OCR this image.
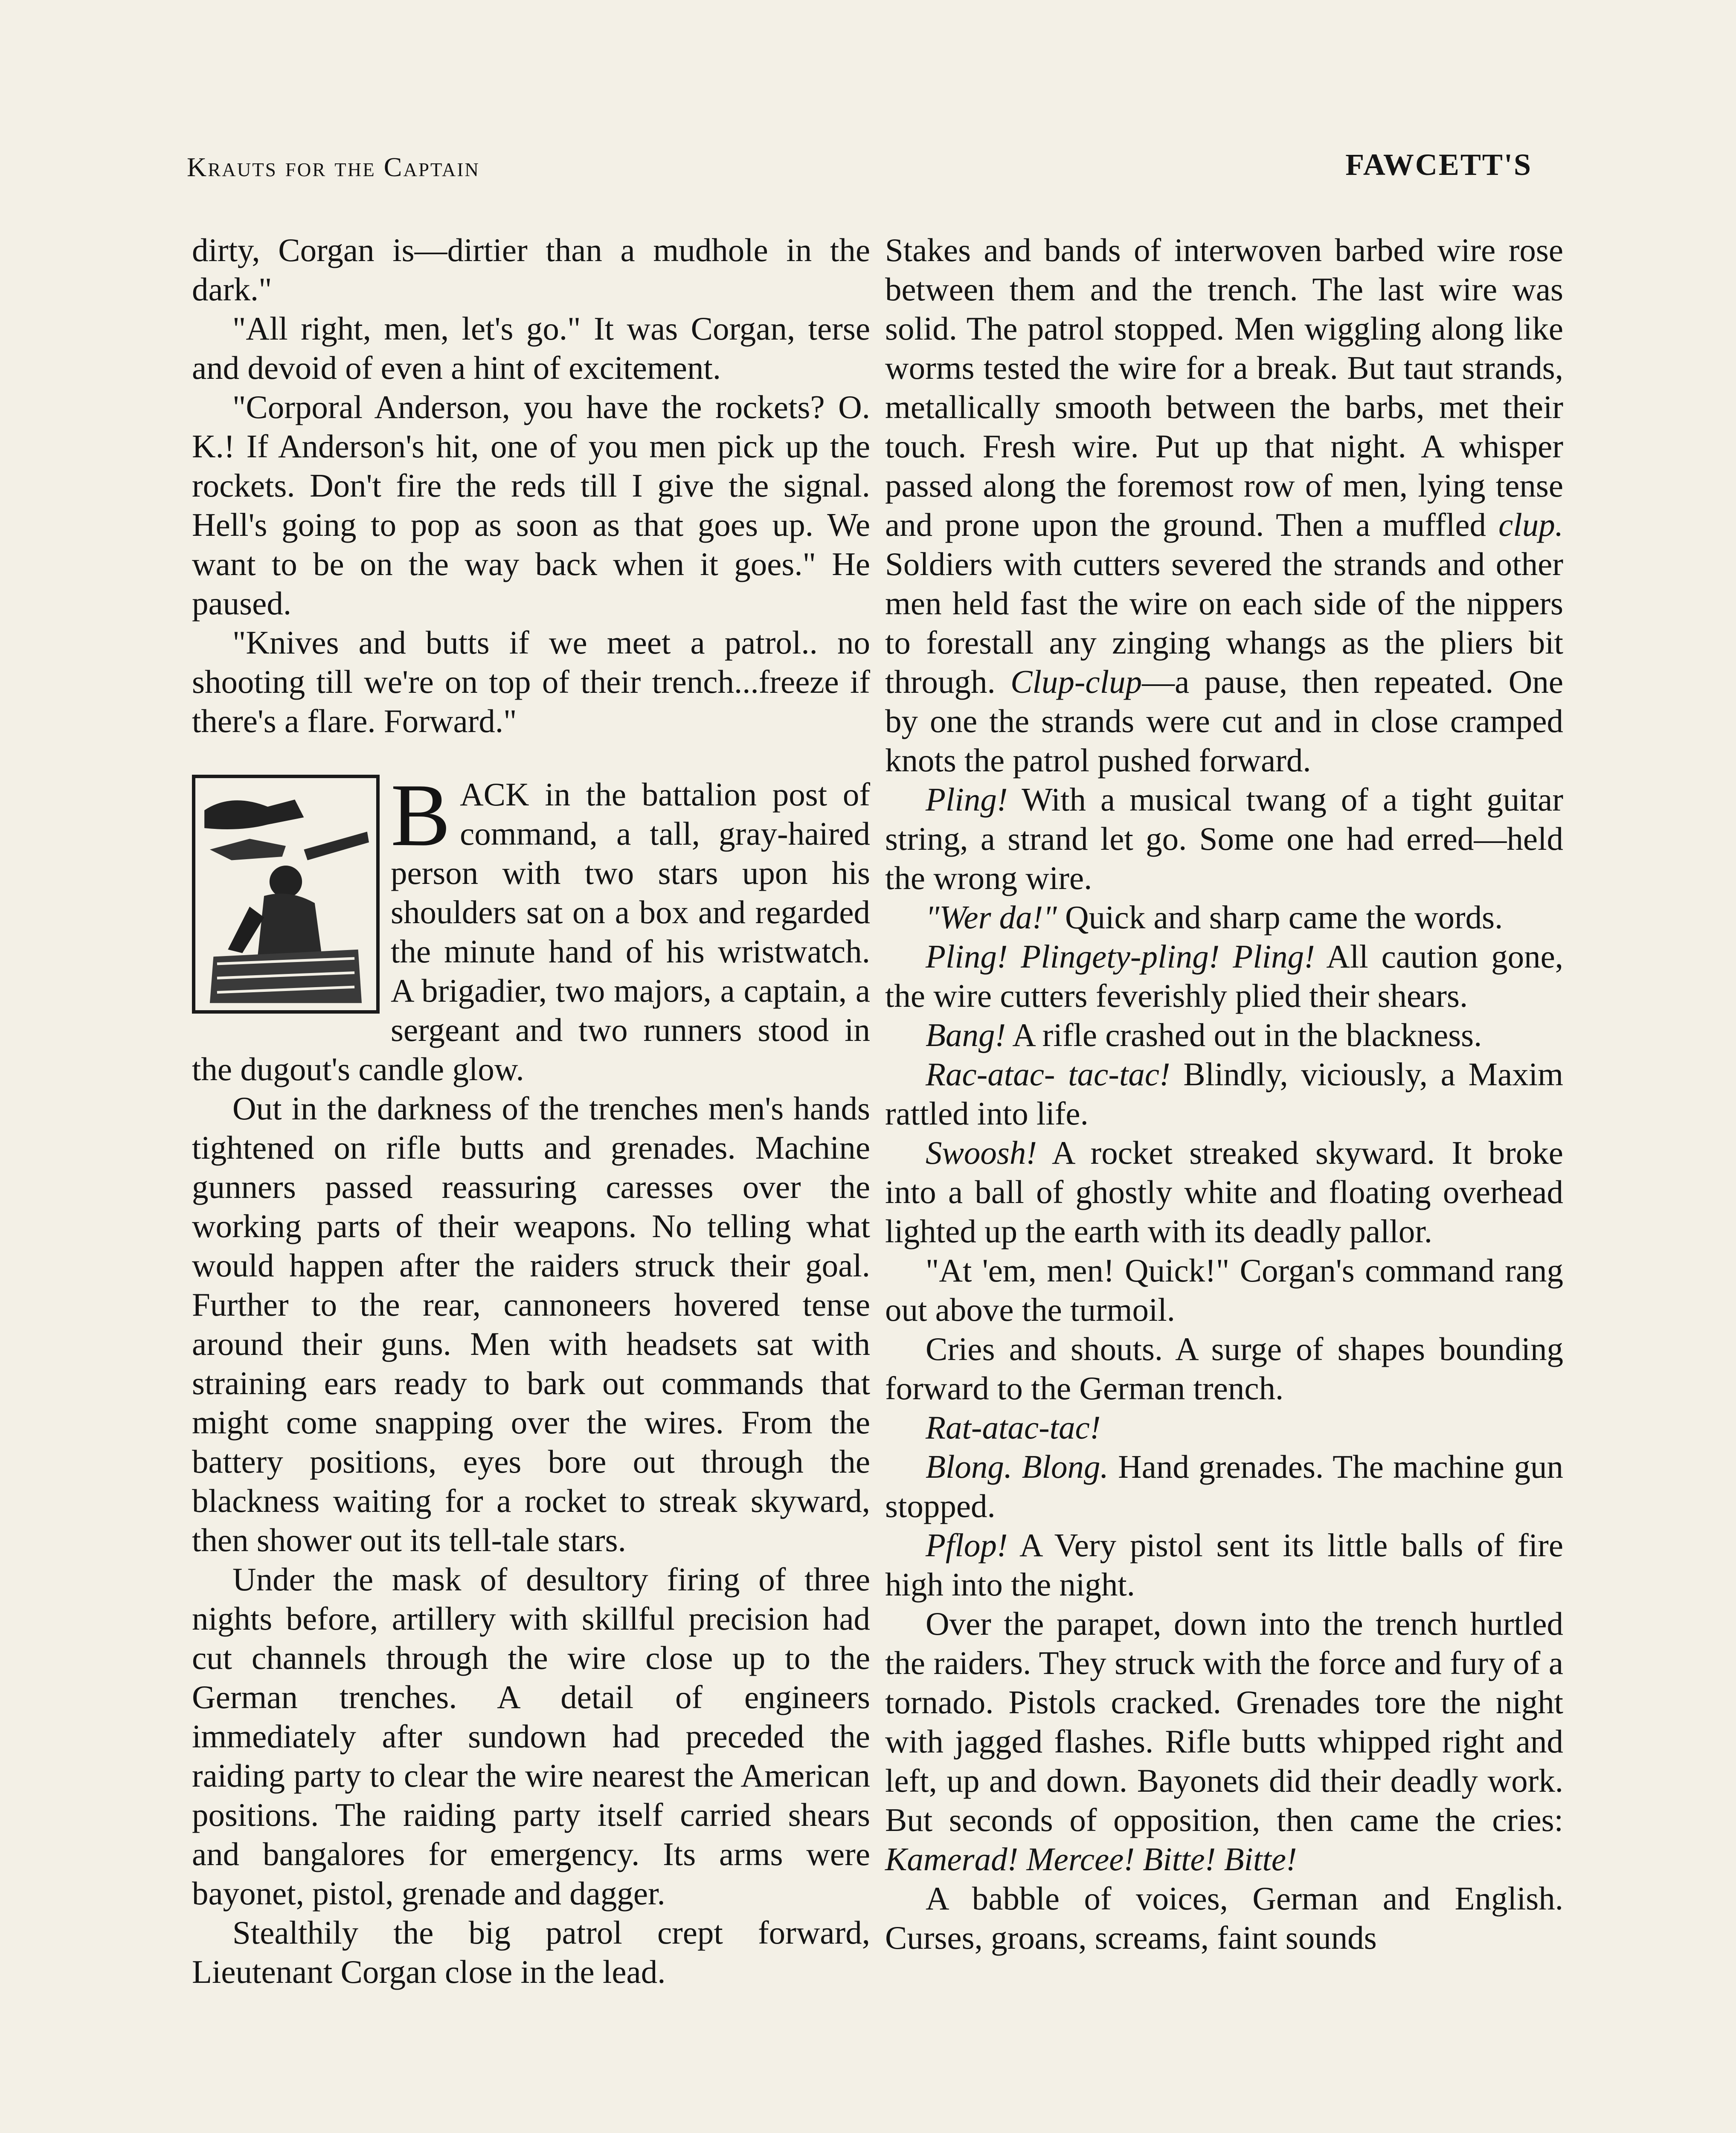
Krauts for the Captain	FAWCETT'S

dirty, Corgan is—dirtier than a mudhole in the dark."

"All right, men, let's go." It was Corgan, terse and devoid of even a hint of excitement.

"Corporal Anderson, you have the rockets? O. K.! If Anderson's hit, one of you men pick up the rockets. Don't fire the reds till I give the signal. Hell's going to pop as soon as that goes up. We want to be on the way back when it goes." He paused.

"Knives and butts if we meet a patrol.. no shooting till we're on top of their trench...freeze if there's a flare. Forward."

BACK in the battalion post of command, a tall, gray-haired person with two stars upon his shoulders sat on a box and regarded the minute hand of his wristwatch. A brigadier, two majors, a captain, a sergeant and two runners stood in the dugout's candle glow.

Out in the darkness of the trenches men's hands tightened on rifle butts and grenades. Machine gunners passed reassuring caresses over the working parts of their weapons. No telling what would happen after the raiders struck their goal. Further to the rear, cannoneers hovered tense around their guns. Men with headsets sat with straining ears ready to bark out commands that might come snapping over the wires. From the battery positions, eyes bore out through the blackness waiting for a rocket to streak skyward, then shower out its tell-tale stars.

Under the mask of desultory firing of three nights before, artillery with skillful precision had cut channels through the wire close up to the German trenches. A detail of engineers immediately after sundown had preceded the raiding party to clear the wire nearest the American positions. The raiding party itself carried shears and bangalores for emergency. Its arms were bayonet, pistol, grenade and dagger.

Stealthily the big patrol crept forward, Lieutenant Corgan close in the lead.

Stakes and bands of interwoven barbed wire rose between them and the trench. The last wire was solid. The patrol stopped. Men wiggling along like worms tested the wire for a break. But taut strands, metallically smooth between the barbs, met their touch. Fresh wire. Put up that night. A whisper passed along the foremost row of men, lying tense and prone upon the ground. Then a muffled clup. Soldiers with cutters severed the strands and other men held fast the wire on each side of the nippers to forestall any zinging whangs as the pliers bit through. Clup-clup—a pause, then repeated. One by one the strands were cut and in close cramped knots the patrol pushed forward.

Pling! With a musical twang of a tight guitar string, a strand let go. Some one had erred—held the wrong wire.

"Wer da!" Quick and sharp came the words.

Pling! Plingety-pling! Pling! All caution gone, the wire cutters feverishly plied their shears.

Bang! A rifle crashed out in the blackness.

Rac-atac- tac-tac! Blindly, viciously, a Maxim rattled into life.

Swoosh! A rocket streaked skyward. It broke into a ball of ghostly white and floating overhead lighted up the earth with its deadly pallor.

"At 'em, men! Quick!" Corgan's command rang out above the turmoil.

Cries and shouts. A surge of shapes bounding forward to the German trench.

Rat-atac-tac!

Blong. Blong. Hand grenades. The machine gun stopped.

Pflop! A Very pistol sent its little balls of fire high into the night.

Over the parapet, down into the trench hurtled the raiders. They struck with the force and fury of a tornado. Pistols cracked. Grenades tore the night with jagged flashes. Rifle butts whipped right and left, up and down. Bayonets did their deadly work. But seconds of opposition, then came the cries: Kamerad! Mercee! Bitte! Bitte!

A babble of voices, German and English. Curses, groans, screams, faint sounds
